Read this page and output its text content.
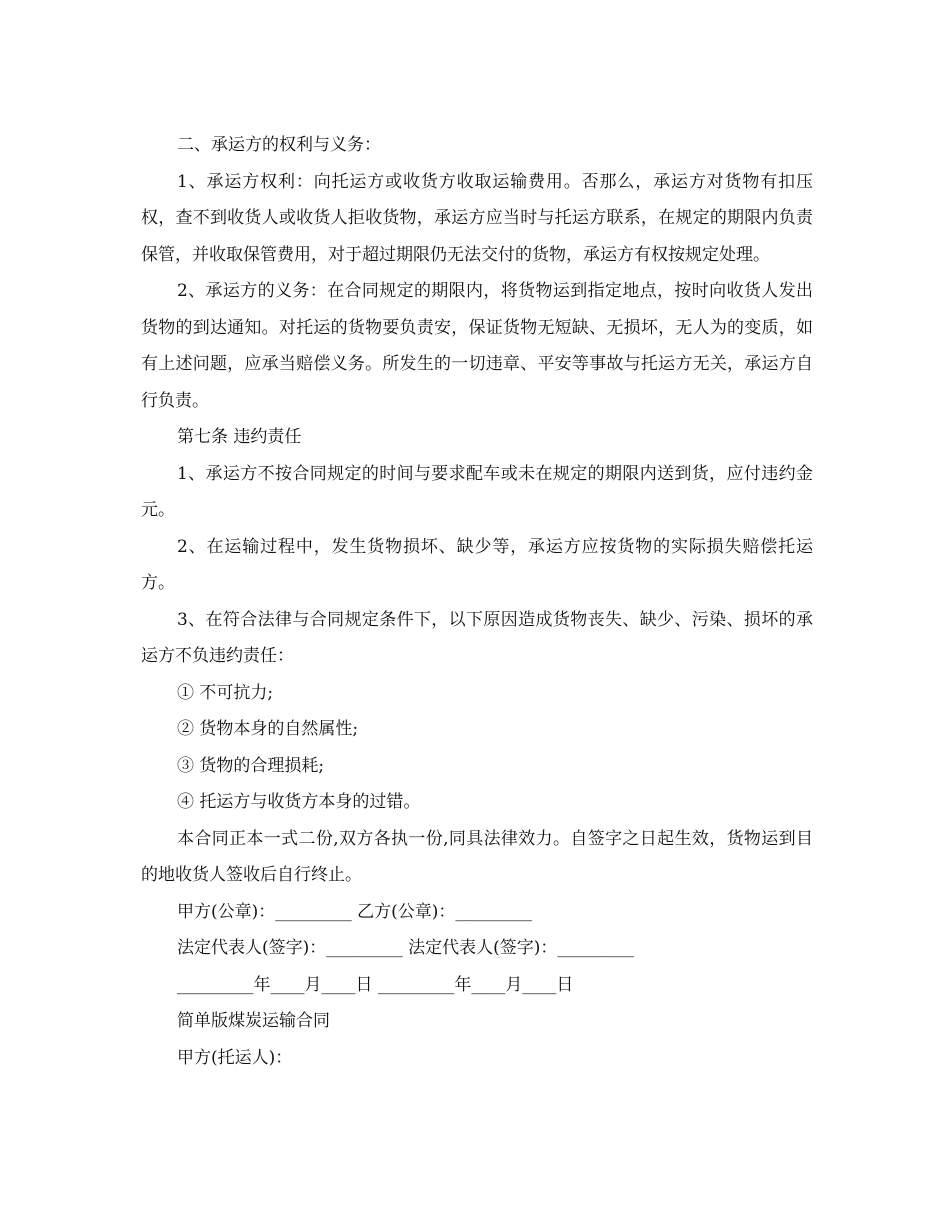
二、承运方的权利与义务：

1、承运方权利：向托运方或收货方收取运输费用。否那么，承运方对货物有扣压权，查不到收货人或收货人拒收货物，承运方应当时与托运方联系，在规定的期限内负责保管，并收取保管费用，对于超过期限仍无法交付的货物，承运方有权按规定处理。

2、承运方的义务：在合同规定的期限内，将货物运到指定地点，按时向收货人发出货物的到达通知。对托运的货物要负责安，保证货物无短缺、无损坏，无人为的变质，如有上述问题，应承当赔偿义务。所发生的一切违章、平安等事故与托运方无关，承运方自行负责。

第七条 违约责任

1、承运方不按合同规定的时间与要求配车或未在规定的期限内送到货，应付违约金 元。

2、在运输过程中，发生货物损坏、缺少等，承运方应按货物的实际损失赔偿托运方。

3、在符合法律与合同规定条件下，以下原因造成货物丧失、缺少、污染、损坏的承运方不负违约责任：

① 不可抗力;

② 货物本身的自然属性;

③ 货物的合理损耗;

④ 托运方与收货方本身的过错。

本合同正本一式二份,双方各执一份,同具法律效力。自签字之日起生效，货物运到目的地收货人签收后自行终止。

甲方(公章)：_________ 乙方(公章)：_________

法定代表人(签字)：_________ 法定代表人(签字)：_________

_________年____月____日 _________年____月____日

简单版煤炭运输合同

甲方(托运人)：
